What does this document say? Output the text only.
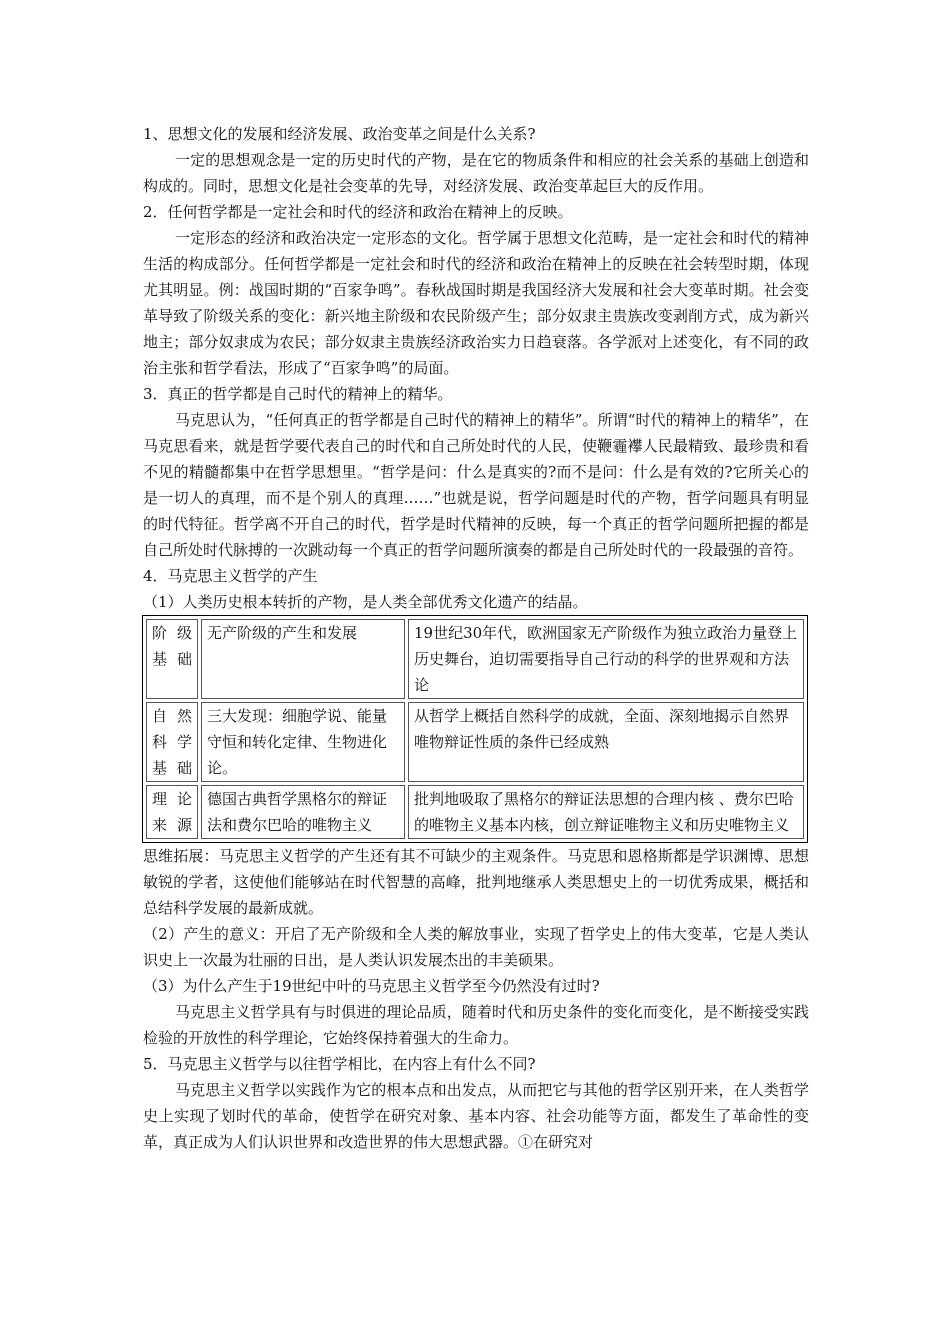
1、思想文化的发展和经济发展、政治变革之间是什么关系?

一定的思想观念是一定的历史时代的产物，是在它的物质条件和相应的社会关系的基础上创造和构成的。同时，思想文化是社会变革的先导，对经济发展、政治变革起巨大的反作用。

2．任何哲学都是一定社会和时代的经济和政治在精神上的反映。

一定形态的经济和政治决定一定形态的文化。哲学属于思想文化范畴，是一定社会和时代的精神生活的构成部分。任何哲学都是一定社会和时代的经济和政治在精神上的反映在社会转型时期，体现尤其明显。例：战国时期的“百家争鸣”。春秋战国时期是我国经济大发展和社会大变革时期。社会变革导致了阶级关系的变化：新兴地主阶级和农民阶级产生；部分奴隶主贵族改变剥削方式，成为新兴地主；部分奴隶成为农民；部分奴隶主贵族经济政治实力日趋衰落。各学派对上述变化，有不同的政治主张和哲学看法，形成了“百家争鸣”的局面。

3．真正的哲学都是自己时代的精神上的精华。

马克思认为，“任何真正的哲学都是自己时代的精神上的精华”。所谓“时代的精神上的精华”，在马克思看来，就是哲学要代表自己的时代和自己所处时代的人民，使鞭霾襻人民最精致、最珍贵和看不见的精髓都集中在哲学思想里。“哲学是问：什么是真实的?而不是问：什么是有效的?它所关心的是一切人的真理，而不是个别人的真理……”也就是说，哲学问题是时代的产物，哲学问题具有明显的时代特征。哲学离不开自己的时代，哲学是时代精神的反映，每一个真正的哲学问题所把握的都是自己所处时代脉搏的一次跳动每一个真正的哲学问题所演奏的都是自己所处时代的一段最强的音符。

4．马克思主义哲学的产生

（1）人类历史根本转折的产物，是人类全部优秀文化遗产的结晶。

阶级基础	无产阶级的产生和发展	19世纪30年代，欧洲国家无产阶级作为独立政治力量登上历史舞台，迫切需要指导自己行动的科学的世界观和方法论
自然科学基础	三大发现：细胞学说、能量守恒和转化定律、生物进化论。	从哲学上概括自然科学的成就，全面、深刻地揭示自然界唯物辩证性质的条件已经成熟
理论来源	德国古典哲学黑格尔的辩证法和费尔巴哈的唯物主义	批判地吸取了黑格尔的辩证法思想的合理内核 、费尔巴哈的唯物主义基本内核，创立辩证唯物主义和历史唯物主义

思维拓展：马克思主义哲学的产生还有其不可缺少的主观条件。马克思和恩格斯都是学识渊博、思想敏锐的学者，这使他们能够站在时代智慧的高峰，批判地继承人类思想史上的一切优秀成果，概括和总结科学发展的最新成就。

（2）产生的意义：开启了无产阶级和全人类的解放事业，实现了哲学史上的伟大变革，它是人类认识史上一次最为壮丽的日出，是人类认识发展杰出的丰美硕果。

（3）为什么产生于19世纪中叶的马克思主义哲学至今仍然没有过时?

马克思主义哲学具有与时俱进的理论品质，随着时代和历史条件的变化而变化，是不断接受实践检验的开放性的科学理论，它始终保持着强大的生命力。

5．马克思主义哲学与以往哲学相比，在内容上有什么不同?

马克思主义哲学以实践作为它的根本点和出发点，从而把它与其他的哲学区别开来，在人类哲学史上实现了划时代的革命，使哲学在研究对象、基本内容、社会功能等方面，都发生了革命性的变革，真正成为人们认识世界和改造世界的伟大思想武器。①在研究对
